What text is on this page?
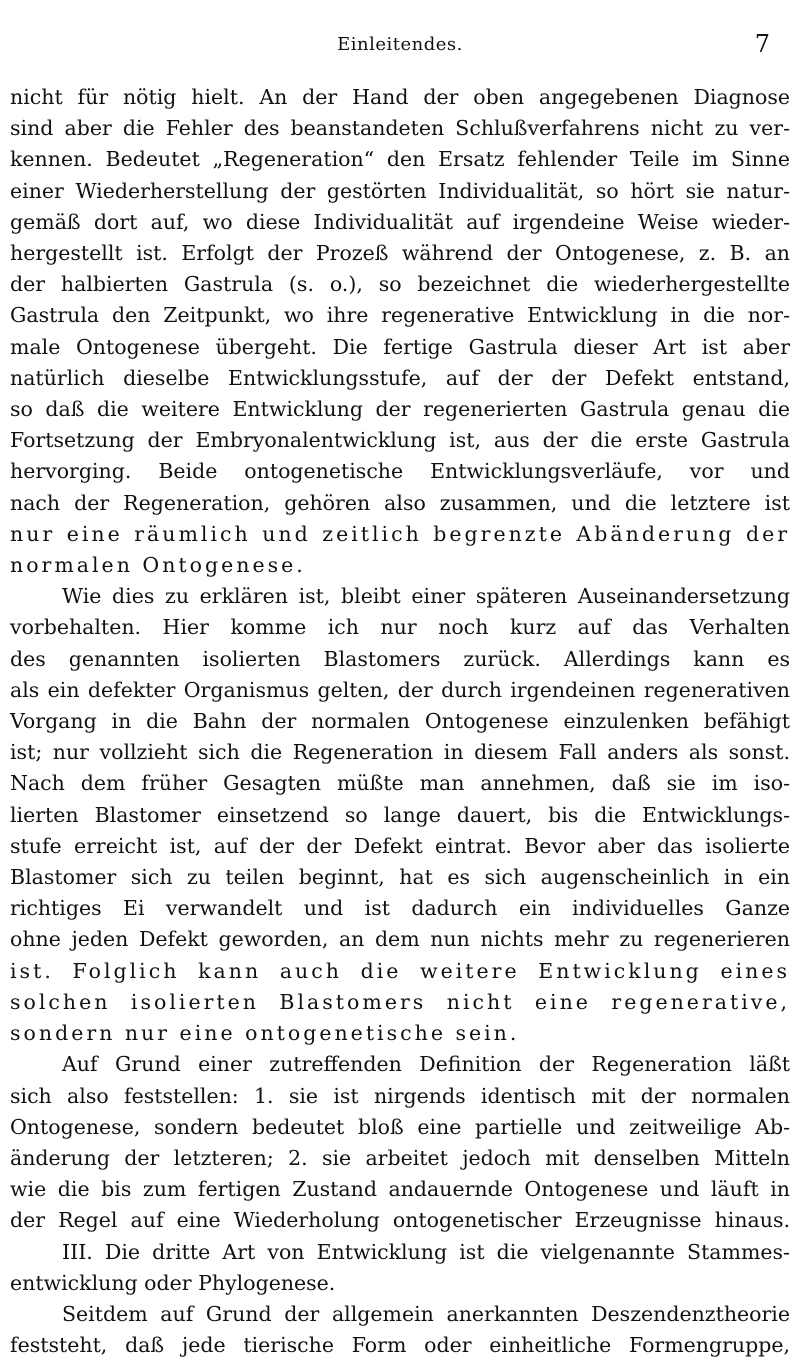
Einleitendes.	7

nicht für nötig hielt. An der Hand der oben angegebenen Diagnose

sind aber die Fehler des beanstandeten Schlußverfahrens nicht zu ver-

kennen. Bedeutet „Regeneration“ den Ersatz fehlender Teile im Sinne

einer Wiederherstellung der gestörten Individualität, so hört sie natur-

gemäß dort auf, wo diese Individualität auf irgendeine Weise wieder-

hergestellt ist. Erfolgt der Prozeß während der Ontogenese, z. B. an

der halbierten Gastrula (s. o.), so bezeichnet die wiederhergestellte

Gastrula den Zeitpunkt, wo ihre regenerative Entwicklung in die nor-

male Ontogenese übergeht. Die fertige Gastrula dieser Art ist aber

natürlich dieselbe Entwicklungsstufe, auf der der Defekt entstand,

so daß die weitere Entwicklung der regenerierten Gastrula genau die

Fortsetzung der Embryonalentwicklung ist, aus der die erste Gastrula

hervorging. Beide ontogenetische Entwicklungsverläufe, vor und

nach der Regeneration, gehören also zusammen, und die letztere ist

nur eine räumlich und zeitlich begrenzte Abänderung der

normalen Ontogenese.

Wie dies zu erklären ist, bleibt einer späteren Auseinandersetzung

vorbehalten. Hier komme ich nur noch kurz auf das Verhalten

des genannten isolierten Blastomers zurück. Allerdings kann es

als ein defekter Organismus gelten, der durch irgendeinen regenerativen

Vorgang in die Bahn der normalen Ontogenese einzulenken befähigt

ist; nur vollzieht sich die Regeneration in diesem Fall anders als sonst.

Nach dem früher Gesagten müßte man annehmen, daß sie im iso-

lierten Blastomer einsetzend so lange dauert, bis die Entwicklungs-

stufe erreicht ist, auf der der Defekt eintrat. Bevor aber das isolierte

Blastomer sich zu teilen beginnt, hat es sich augenscheinlich in ein

richtiges Ei verwandelt und ist dadurch ein individuelles Ganze

ohne jeden Defekt geworden, an dem nun nichts mehr zu regenerieren

ist. Folglich kann auch die weitere Entwicklung eines

solchen isolierten Blastomers nicht eine regenerative,

sondern nur eine ontogenetische sein.

Auf Grund einer zutreffenden Definition der Regeneration läßt

sich also feststellen: 1. sie ist nirgends identisch mit der normalen

Ontogenese, sondern bedeutet bloß eine partielle und zeitweilige Ab-

änderung der letzteren; 2. sie arbeitet jedoch mit denselben Mitteln

wie die bis zum fertigen Zustand andauernde Ontogenese und läuft in

der Regel auf eine Wiederholung ontogenetischer Erzeugnisse hinaus.

III. Die dritte Art von Entwicklung ist die vielgenannte Stammes-

entwicklung oder Phylogenese.

Seitdem auf Grund der allgemein anerkannten Deszendenztheorie

feststeht, daß jede tierische Form oder einheitliche Formengruppe,
